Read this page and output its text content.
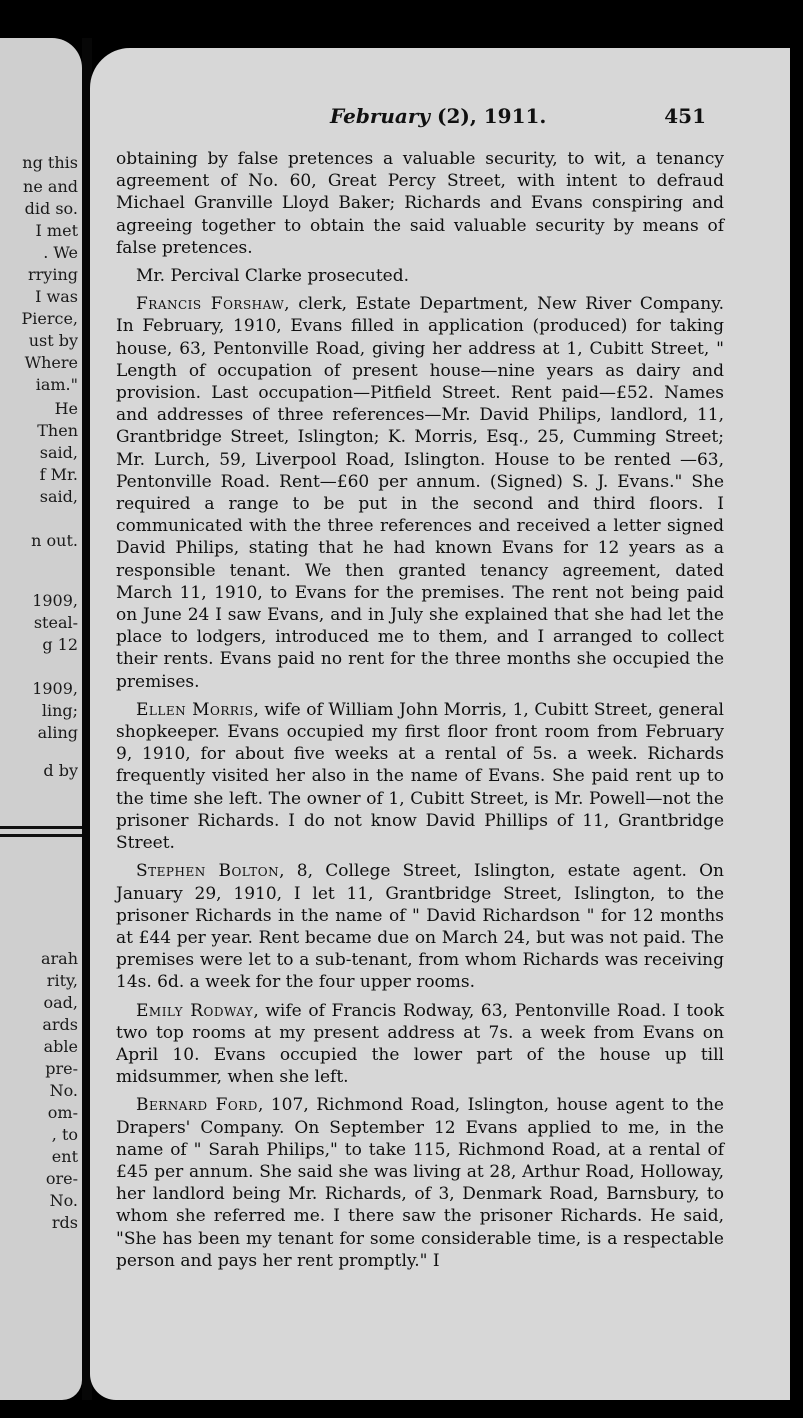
ng this
ne and
did so.
I met
. We
rrying
I was
Pierce,
ust by
Where
iam."
He
Then
said,
f Mr.
said,
n out.
1909,
steal-
g 12
1909,
ling;
aling
d by
arah
rity,
oad,
ards
able
pre-
No.
om-
, to
ent
ore-
No.
rds
February (2), 1911.	451

obtaining by false pretences a valuable security, to wit, a tenancy agreement of No. 60, Great Percy Street, with intent to defraud Michael Granville Lloyd Baker; Richards and Evans conspiring and agreeing together to obtain the said valuable security by means of false pretences.

Mr. Percival Clarke prosecuted.

Francis Forshaw, clerk, Estate Department, New River Company. In February, 1910, Evans filled in application (produced) for taking house, 63, Pentonville Road, giving her address at 1, Cubitt Street, " Length of occupation of present house—nine years as dairy and provision. Last occupation—Pitfield Street. Rent paid—£52. Names and addresses of three references—Mr. David Philips, landlord, 11, Grantbridge Street, Islington; K. Morris, Esq., 25, Cumming Street; Mr. Lurch, 59, Liverpool Road, Islington. House to be rented —63, Pentonville Road. Rent—£60 per annum. (Signed) S. J. Evans." She required a range to be put in the second and third floors. I communicated with the three references and received a letter signed David Philips, stating that he had known Evans for 12 years as a responsible tenant. We then granted tenancy agreement, dated March 11, 1910, to Evans for the premises. The rent not being paid on June 24 I saw Evans, and in July she explained that she had let the place to lodgers, introduced me to them, and I arranged to collect their rents. Evans paid no rent for the three months she occupied the premises.

Ellen Morris, wife of William John Morris, 1, Cubitt Street, general shopkeeper. Evans occupied my first floor front room from February 9, 1910, for about five weeks at a rental of 5s. a week. Richards frequently visited her also in the name of Evans. She paid rent up to the time she left. The owner of 1, Cubitt Street, is Mr. Powell—not the prisoner Richards. I do not know David Phillips of 11, Grantbridge Street.

Stephen Bolton, 8, College Street, Islington, estate agent. On January 29, 1910, I let 11, Grantbridge Street, Islington, to the prisoner Richards in the name of " David Richardson " for 12 months at £44 per year. Rent became due on March 24, but was not paid. The premises were let to a sub-tenant, from whom Richards was receiving 14s. 6d. a week for the four upper rooms.

Emily Rodway, wife of Francis Rodway, 63, Pentonville Road. I took two top rooms at my present address at 7s. a week from Evans on April 10. Evans occupied the lower part of the house up till midsummer, when she left.

Bernard Ford, 107, Richmond Road, Islington, house agent to the Drapers' Company. On September 12 Evans applied to me, in the name of " Sarah Philips," to take 115, Richmond Road, at a rental of £45 per annum. She said she was living at 28, Arthur Road, Holloway, her landlord being Mr. Richards, of 3, Denmark Road, Barnsbury, to whom she referred me. I there saw the prisoner Richards. He said, "She has been my tenant for some considerable time, is a respectable person and pays her rent promptly." I
